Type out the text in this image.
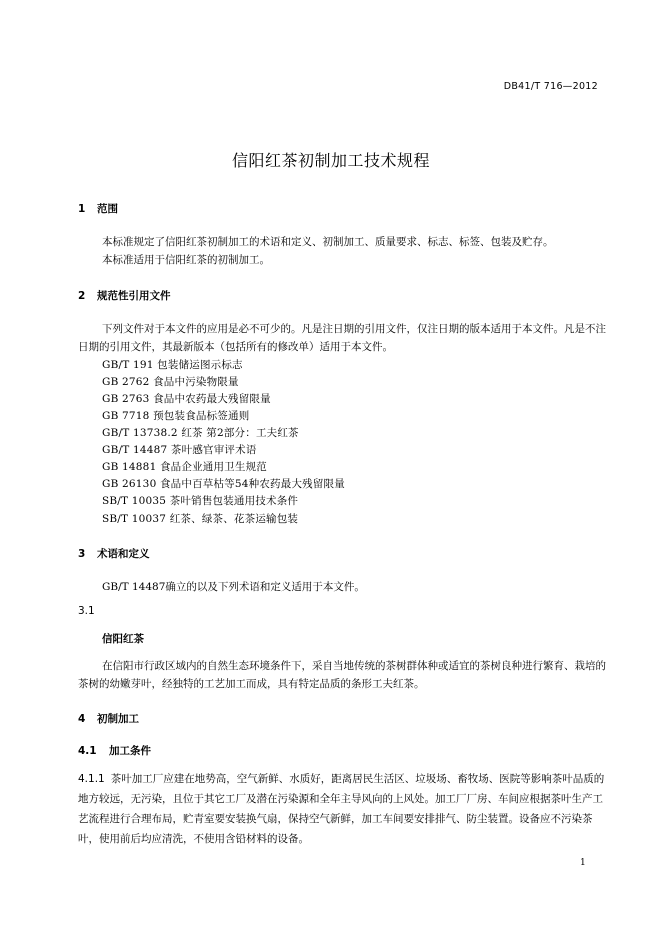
DB41/T 716—2012
信阳红茶初制加工技术规程
1 范围
本标准规定了信阳红茶初制加工的术语和定义、初制加工、质量要求、标志、标签、包装及贮存。
本标准适用于信阳红茶的初制加工。
2 规范性引用文件
下列文件对于本文件的应用是必不可少的。凡是注日期的引用文件，仅注日期的版本适用于本文件。凡是不注日期的引用文件，其最新版本（包括所有的修改单）适用于本文件。
GB/T 191 包装储运图示标志
GB 2762 食品中污染物限量
GB 2763 食品中农药最大残留限量
GB 7718 预包装食品标签通则
GB/T 13738.2 红茶 第2部分：工夫红茶
GB/T 14487 茶叶感官审评术语
GB 14881 食品企业通用卫生规范
GB 26130 食品中百草枯等54种农药最大残留限量
SB/T 10035 茶叶销售包装通用技术条件
SB/T 10037 红茶、绿茶、花茶运输包装
3 术语和定义
GB/T 14487确立的以及下列术语和定义适用于本文件。
3.1
信阳红茶
在信阳市行政区域内的自然生态环境条件下，采自当地传统的茶树群体种或适宜的茶树良种进行繁育、栽培的茶树的幼嫩芽叶，经独特的工艺加工而成，具有特定品质的条形工夫红茶。
4 初制加工
4.1 加工条件
4.1.1 茶叶加工厂应建在地势高，空气新鲜、水质好，距离居民生活区、垃圾场、畜牧场、医院等影响茶叶品质的地方较远，无污染，且位于其它工厂及潜在污染源和全年主导风向的上风处。加工厂厂房、车间应根据茶叶生产工艺流程进行合理布局，贮青室要安装换气扇，保持空气新鲜，加工车间要安排排气、防尘装置。设备应不污染茶叶，使用前后均应清洗，不使用含铅材料的设备。
1
